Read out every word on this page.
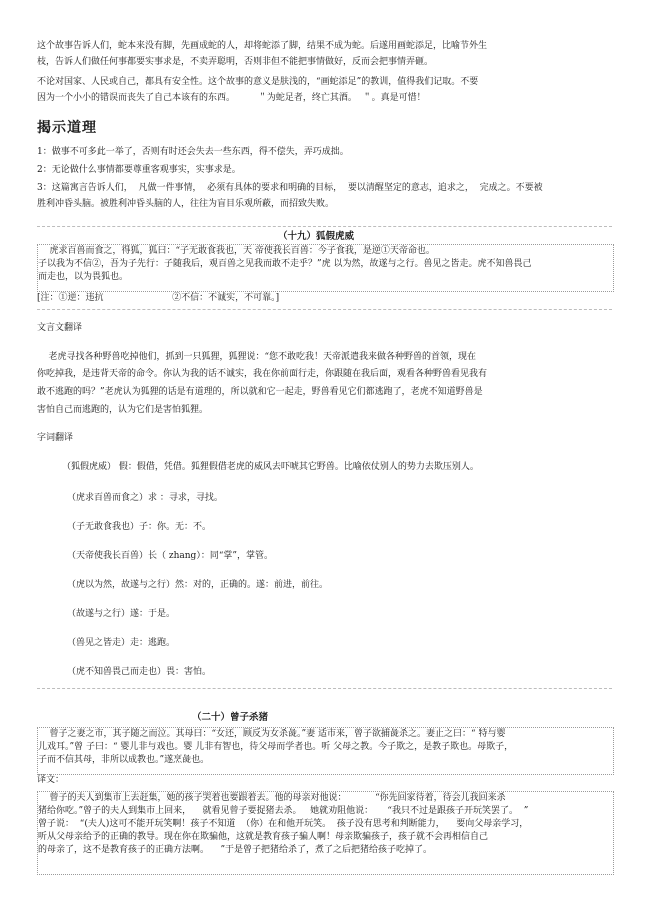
这个故事告诉人们，蛇本来没有脚，先画成蛇的人，却将蛇添了脚，结果不成为蛇。后遂用画蛇添足，比喻节外生

枝，告诉人们做任何事都要实事求是，不卖弄聪明，否则非但不能把事情做好，反而会把事情弄砸。

不论对国家、人民或自己，都具有安全性。这个故事的意义是肤浅的，“画蛇添足”的教训，值得我们记取。不要

因为一个小小的错误而丧失了自己本该有的东西。        ＂为蛇足者，终亡其酒。  ＂。真是可惜！

揭示道理

1：做事不可多此一举了，否则有时还会失去一些东西，得不偿失，弄巧成拙。

2：无论做什么事情都要尊重客观事实，实事求是。

3：这篇寓言告诉人们，  凡做一件事情，  必须有具体的要求和明确的目标，  要以清醒坚定的意志，追求之，  完成之。不要被

胜利冲昏头脑。被胜利冲昏头脑的人，往往为盲目乐观所蔽，而招致失败。

（十九）狐假虎威

虎求百兽而食之，得狐，狐曰：“子无敢食我也，天 帝使我长百兽：今子食我，是逆①天帝命也。

子以我为不信②，吾为子先行：子随我后，观百兽之见我而敢不走乎？”虎 以为然，故遂与之行。兽见之皆走。虎不知兽畏己

而走也，以为畏狐也。

[注：①逆：违抗                        ②不信：不诚实，不可靠。]

文言文翻译

老虎寻找各种野兽吃掉他们，抓到一只狐狸，狐狸说：“您不敢吃我！天帝派遣我来做各种野兽的首领，现在

你吃掉我，是违背天帝的命令。你认为我的话不诚实，我在你前面行走，你跟随在我后面，观看各种野兽看见我有

敢不逃跑的吗？”老虎认为狐狸的话是有道理的，所以就和它一起走，野兽看见它们都逃跑了，老虎不知道野兽是

害怕自己而逃跑的，认为它们是害怕狐狸。

字词翻译

（狐假虎威） 假：假借，凭借。狐狸假借老虎的威风去吓唬其它野兽。比喻依仗别人的势力去欺压别人。

（虎求百兽而食之）求 ：寻求，寻找。

（子无敢食我也）子：你。无：不。

（天帝使我长百兽）长（ zhang）：同“掌”，掌管。

（虎以为然，故遂与之行）然：对的，正确的。遂：前进，前往。

（故遂与之行）遂：于是。

（兽见之皆走）走：逃跑。

（虎不知兽畏己而走也）畏：害怕。

（二十）曾子杀猪

曾子之妻之市，其子随之而泣。其母曰：“女还，顾反为女杀彘。”妻 适市来，曾子欲捕彘杀之。妻止之曰：“ 特与婴

儿戏耳。”曾 子曰：“ 婴儿非与戏也。婴 儿非有智也，待父母而学者也。听 父母之教。今子欺之，是教子欺也。母欺子，

子而不信其母，非所以成教也。”遂烹彘也。

译文：

曾子的夫人到集市上去赶集，她的孩子哭着也要跟着去。他的母亲对他说：          “你先回家待着，待会儿我回来杀

猪给你吃。”曾子的夫人到集市上回来，    就看见曾子要捉猪去杀。   她就劝阻他说：     “我只不过是跟孩子开玩笑罢了。  ”

曾子说：  “(夫人)这可不能开玩笑啊！孩子不知道  （你）在和他开玩笑。  孩子没有思考和判断能力，    要向父母亲学习，

听从父母亲给予的正确的教导。现在你在欺骗他，这就是教育孩子骗人啊！母亲欺骗孩子，孩子就不会再相信自己

的母亲了，这不是教育孩子的正确方法啊。    ”于是曾子把猪给杀了，煮了之后把猪给孩子吃掉了。
